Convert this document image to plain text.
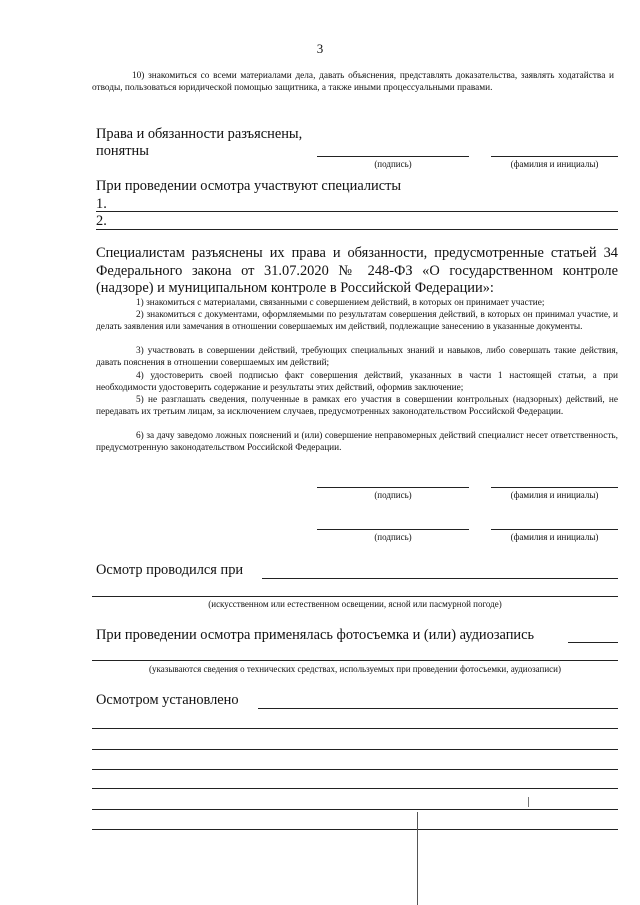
3
10) знакомиться со всеми материалами дела, давать объяснения, представлять доказательства, заявлять ходатайства и отводы, пользоваться юридической помощью защитника, а также иными процессуальными правами.
Права и обязанности разъяснены,
понятны
(подпись)	(фамилия и инициалы)
При проведении осмотра участвуют специалисты
1.
2.
Специалистам разъяснены их права и обязанности, предусмотренные статьей 34 Федерального закона от 31.07.2020 № 248-ФЗ «О государственном контроле (надзоре) и муниципальном контроле в Российской Федерации»:
1) знакомиться с материалами, связанными с совершением действий, в которых он принимает участие;
2) знакомиться с документами, оформляемыми по результатам совершения действий, в которых он принимал участие, и делать заявления или замечания в отношении совершаемых им действий, подлежащие занесению в указанные документы.
3) участвовать в совершении действий, требующих специальных знаний и навыков, либо совершать такие действия, давать пояснения в отношении совершаемых им действий;
4) удостоверить своей подписью факт совершения действий, указанных в части 1 настоящей статьи, а при необходимости удостоверить содержание и результаты этих действий, оформив заключение;
5) не разглашать сведения, полученные в рамках его участия в совершении контрольных (надзорных) действий, не передавать их третьим лицам, за исключением случаев, предусмотренных законодательством Российской Федерации.
6) за дачу заведомо ложных пояснений и (или) совершение неправомерных действий специалист несет ответственность, предусмотренную законодательством Российской Федерации.
(подпись)	(фамилия и инициалы)
(подпись)	(фамилия и инициалы)
Осмотр проводился при
(искусственном или естественном освещении, ясной или пасмурной погоде)
При проведении осмотра применялась фотосъемка и (или) аудиозапись
(указываются сведения о технических средствах, используемых при проведении фотосъемки, аудиозаписи)
Осмотром установлено
